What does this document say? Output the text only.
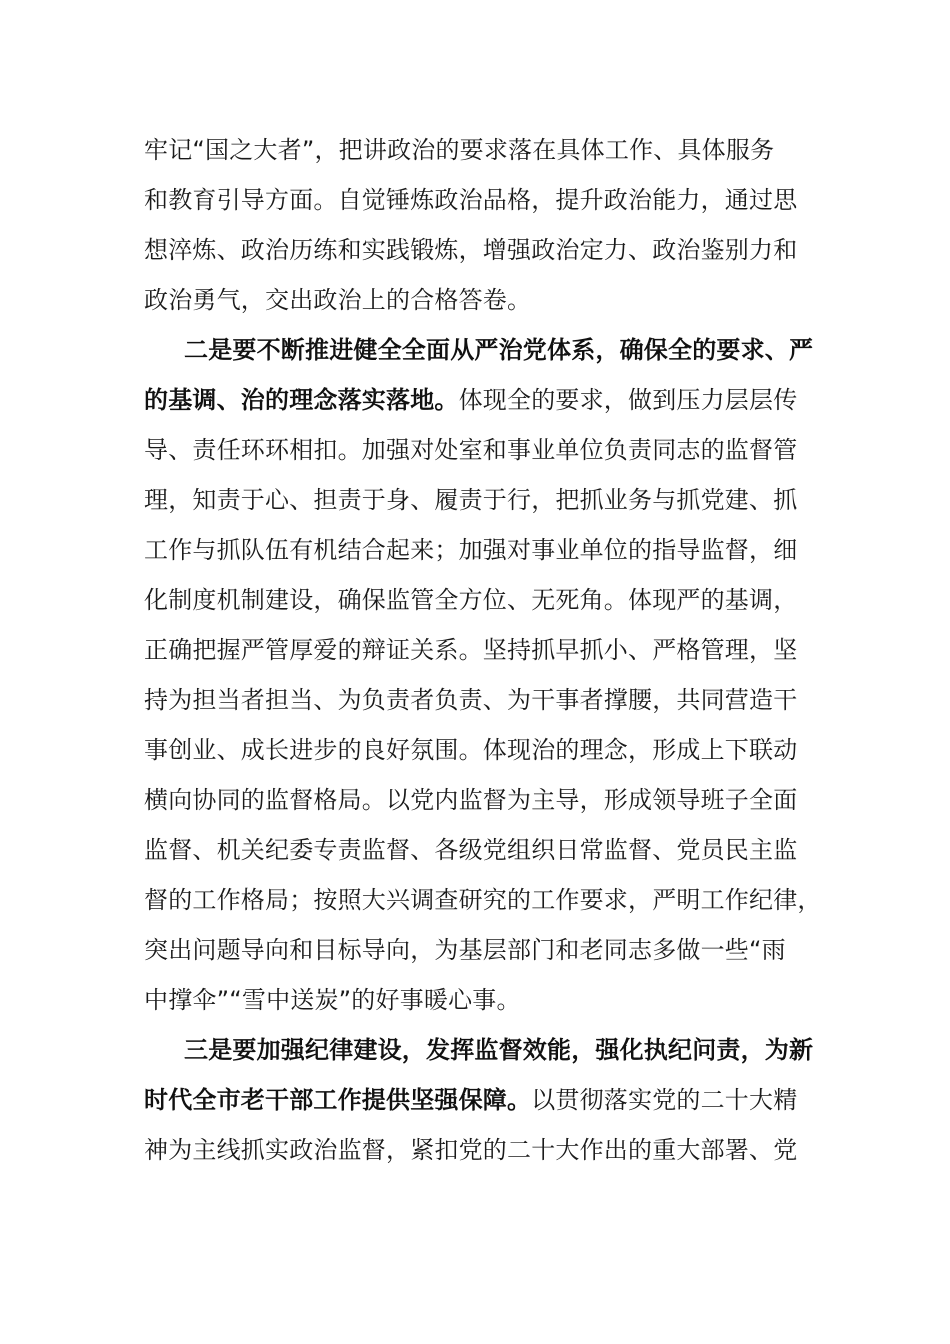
牢记“国之大者”，把讲政治的要求落在具体工作、具体服务
和教育引导方面。自觉锤炼政治品格，提升政治能力，通过思
想淬炼、政治历练和实践锻炼，增强政治定力、政治鉴别力和
政治勇气，交出政治上的合格答卷。
二是要不断推进健全全面从严治党体系，确保全的要求、严
的基调、治的理念落实落地。体现全的要求，做到压力层层传
导、责任环环相扣。加强对处室和事业单位负责同志的监督管
理，知责于心、担责于身、履责于行，把抓业务与抓党建、抓
工作与抓队伍有机结合起来；加强对事业单位的指导监督，细
化制度机制建设，确保监管全方位、无死角。体现严的基调，
正确把握严管厚爱的辩证关系。坚持抓早抓小、严格管理，坚
持为担当者担当、为负责者负责、为干事者撑腰，共同营造干
事创业、成长进步的良好氛围。体现治的理念，形成上下联动
横向协同的监督格局。以党内监督为主导，形成领导班子全面
监督、机关纪委专责监督、各级党组织日常监督、党员民主监
督的工作格局；按照大兴调查研究的工作要求，严明工作纪律，
突出问题导向和目标导向，为基层部门和老同志多做一些“雨
中撑伞”“雪中送炭”的好事暖心事。
三是要加强纪律建设，发挥监督效能，强化执纪问责，为新
时代全市老干部工作提供坚强保障。以贯彻落实党的二十大精
神为主线抓实政治监督，紧扣党的二十大作出的重大部署、党
